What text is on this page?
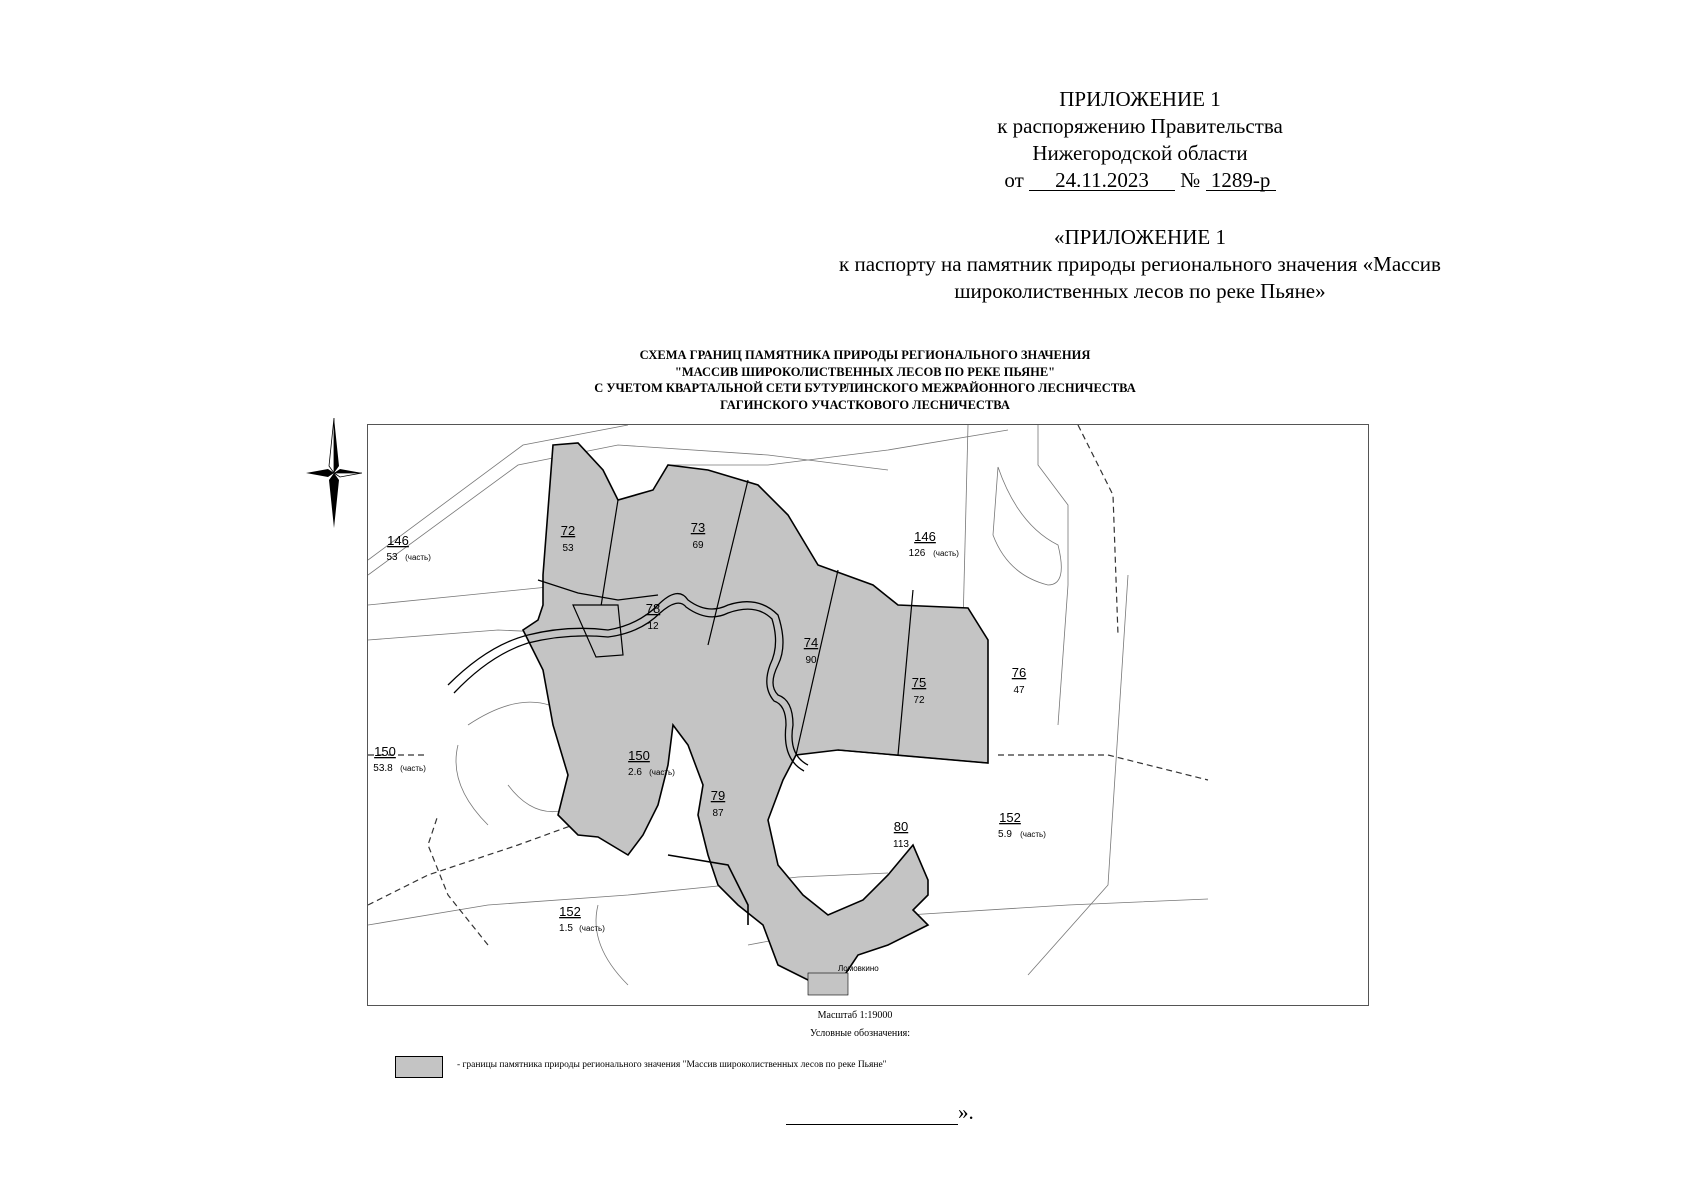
ПРИЛОЖЕНИЕ 1
к распоряжению Правительства
Нижегородской области
от 24.11.2023 № 1289-р
«ПРИЛОЖЕНИЕ 1
к паспорту на памятник природы регионального значения «Массив
широколиственных лесов по реке Пьяне»
СХЕМА ГРАНИЦ ПАМЯТНИКА ПРИРОДЫ РЕГИОНАЛЬНОГО ЗНАЧЕНИЯ
"МАССИВ ШИРОКОЛИСТВЕННЫХ ЛЕСОВ ПО РЕКЕ ПЬЯНЕ"
С УЧЕТОМ КВАРТАЛЬНОЙ СЕТИ БУТУРЛИНСКОГО МЕЖРАЙОННОГО ЛЕСНИЧЕСТВА
ГАГИНСКОГО УЧАСТКОВОГО ЛЕСНИЧЕСТВА
Ломовкино
72
53
73
69
74
90
75
72
76
47
78
12
79
87
80
113
146
53 (часть)
146
126 (часть)
150
53.8 (часть)
150
2.6 (часть)
152
5.9 (часть)
152
1.5 (часть)
Масштаб 1:19000
Условные обозначения:
- границы памятника природы регионального значения "Массив широколиственных лесов по реке Пьяне"
».
